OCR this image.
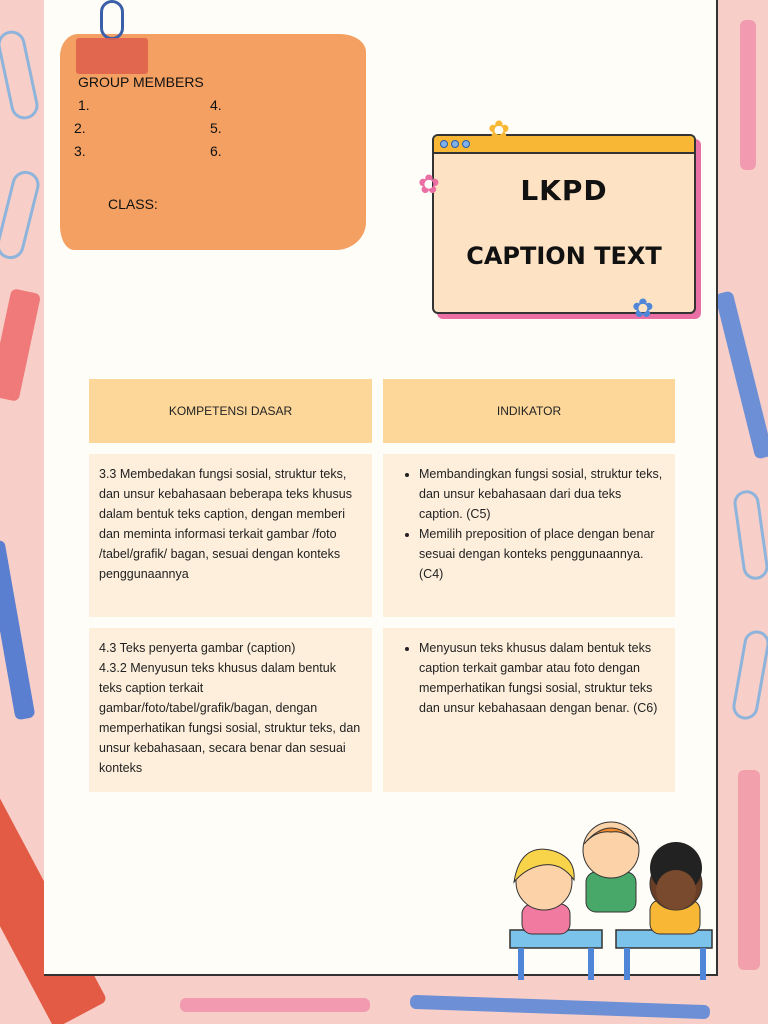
GROUP MEMBERS
1.
2.
3.
4.
5.
6.
CLASS:	LKPD
CAPTION TEXT
✿
✿
✿
KOMPETENSI DASAR	INDIKATOR

3.3 Membedakan fungsi sosial, struktur teks, dan unsur kebahasaan beberapa teks khusus dalam bentuk teks caption, dengan memberi dan meminta informasi terkait gambar /foto /tabel/grafik/ bagan, sesuai dengan konteks penggunaannya

• Membandingkan fungsi sosial, struktur teks, dan unsur kebahasaan dari dua teks caption. (C5)
• Memilih preposition of place dengan benar sesuai dengan konteks penggunaannya. (C4)

4.3 Teks penyerta gambar (caption)

4.3.2 Menyusun teks khusus dalam bentuk teks caption terkait gambar/foto/tabel/grafik/bagan, dengan memperhatikan fungsi sosial, struktur teks, dan unsur kebahasaan, secara benar dan sesuai konteks

• Menyusun teks khusus dalam bentuk teks caption terkait gambar atau foto dengan memperhatikan fungsi sosial, struktur teks dan unsur kebahasaan dengan benar. (C6)
